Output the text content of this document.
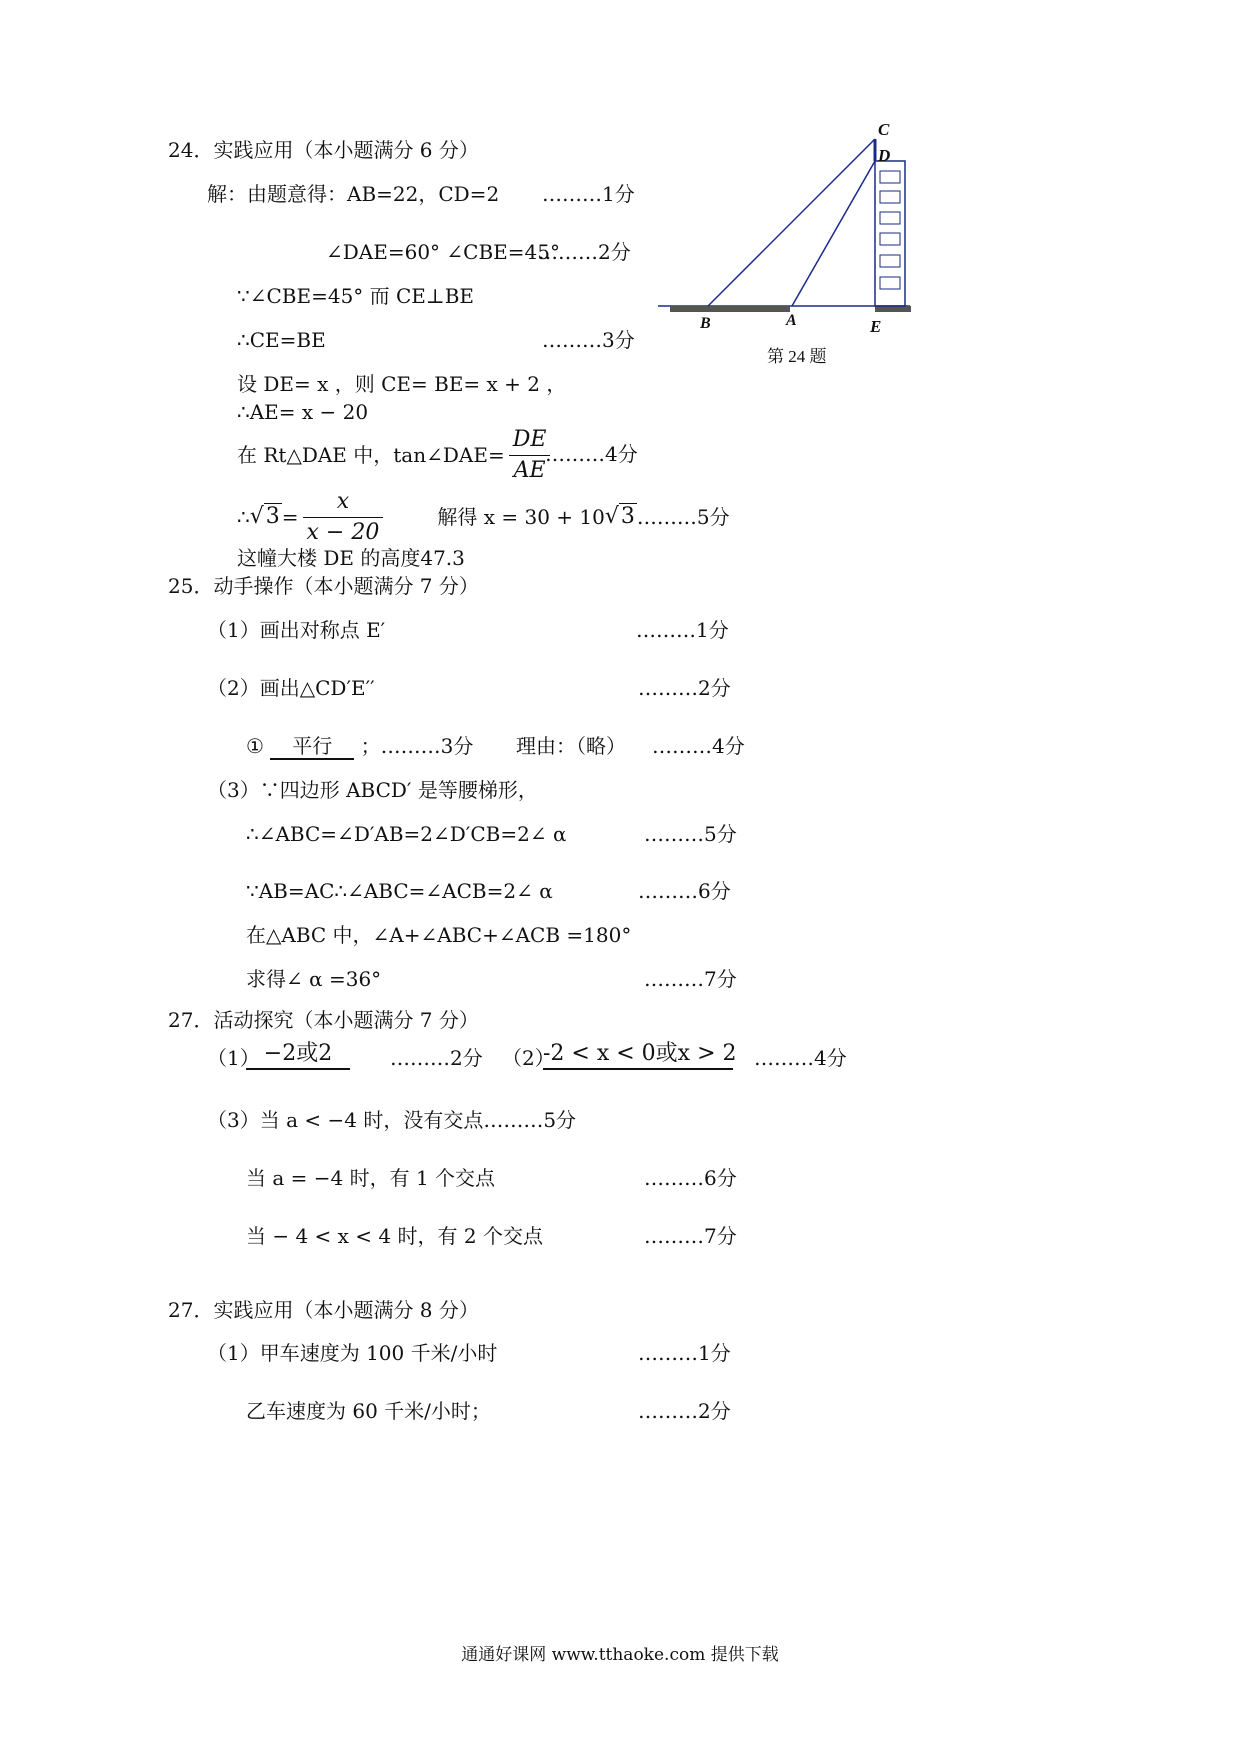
24．实践应用（本小题满分 6 分）
解：由题意得：AB=22，CD=2 ………1分
∠DAE=60° ∠CBE=45°
………2分
∵∠CBE=45° 而 CE⊥BE
∴CE=BE	………3分
设 DE= x ，则 CE= BE= x + 2 ，
∴AE= x − 20
在 Rt△DAE 中，tan∠DAE= $\frac{DE}{AE}$
………4分
∴ $√3 = \frac{x}{x - 20}$	解得 x = 30 + 10 √3 ………5分
这幢大楼 DE 的高度47.3
C
D
B	A	E
第 24 题
25．动手操作（本小题满分 7 分）
（1）画出对称点 E′	………1分
（2）画出△CD′E′′	………2分
① 平行 ；………3分 理由：（略） ………4分
（3）∵四边形 ABCD′ 是等腰梯形，
∴∠ABC=∠D′AB=2∠D′CB=2∠ α	………5分
∵AB=AC∴∠ABC=∠ACB=2∠ α	………6分
在△ABC 中，∠A+∠ABC+∠ACB =180°
求得∠ α =36°	………7分
27．活动探究（本小题满分 7 分）
（1） −2或2	………2分 （2）
-2 < x < 0或x > 2 ………4分
（3）当 a < −4 时，没有交点………5分
当 a = −4 时，有 1 个交点	………6分
当 − 4 < x < 4 时，有 2 个交点	………7分
27．实践应用（本小题满分 8 分）
（1）甲车速度为 100 千米/小时	………1分
乙车速度为 60 千米/小时；	………2分
通通好课网 www.tthaoke.com 提供下载
